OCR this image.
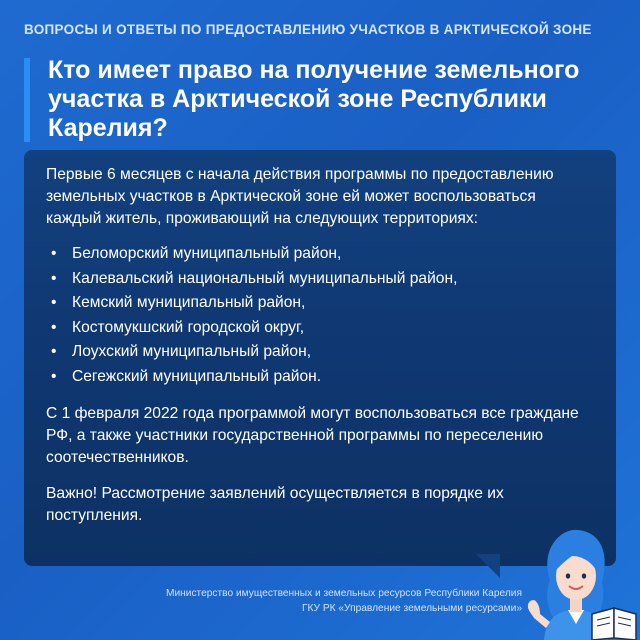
ВОПРОСЫ И ОТВЕТЫ ПО ПРЕДОСТАВЛЕНИЮ УЧАСТКОВ В АРКТИЧЕСКОЙ ЗОНЕ
Кто имеет право на получение земельного участка в Арктической зоне Республики Карелия?

Первые 6 месяцев с начала действия программы по предоставлению земельных участков в Арктической зоне ей может воспользоваться каждый житель, проживающий на следующих территориях:

• Беломорский муниципальный район,
• Калевальский национальный муниципальный район,
• Кемский муниципальный район,
• Костомукшский городской округ,
• Лоухский муниципальный район,
• Сегежский муниципальный район.

С 1 февраля 2022 года программой могут воспользоваться все граждане РФ, а также участники государственной программы по переселению соотечественников.

Важно! Рассмотрение заявлений осуществляется в порядке их поступления.

Министерство имущественных и земельных ресурсов Республики Карелия
ГКУ РК «Управление земельными ресурсами»
